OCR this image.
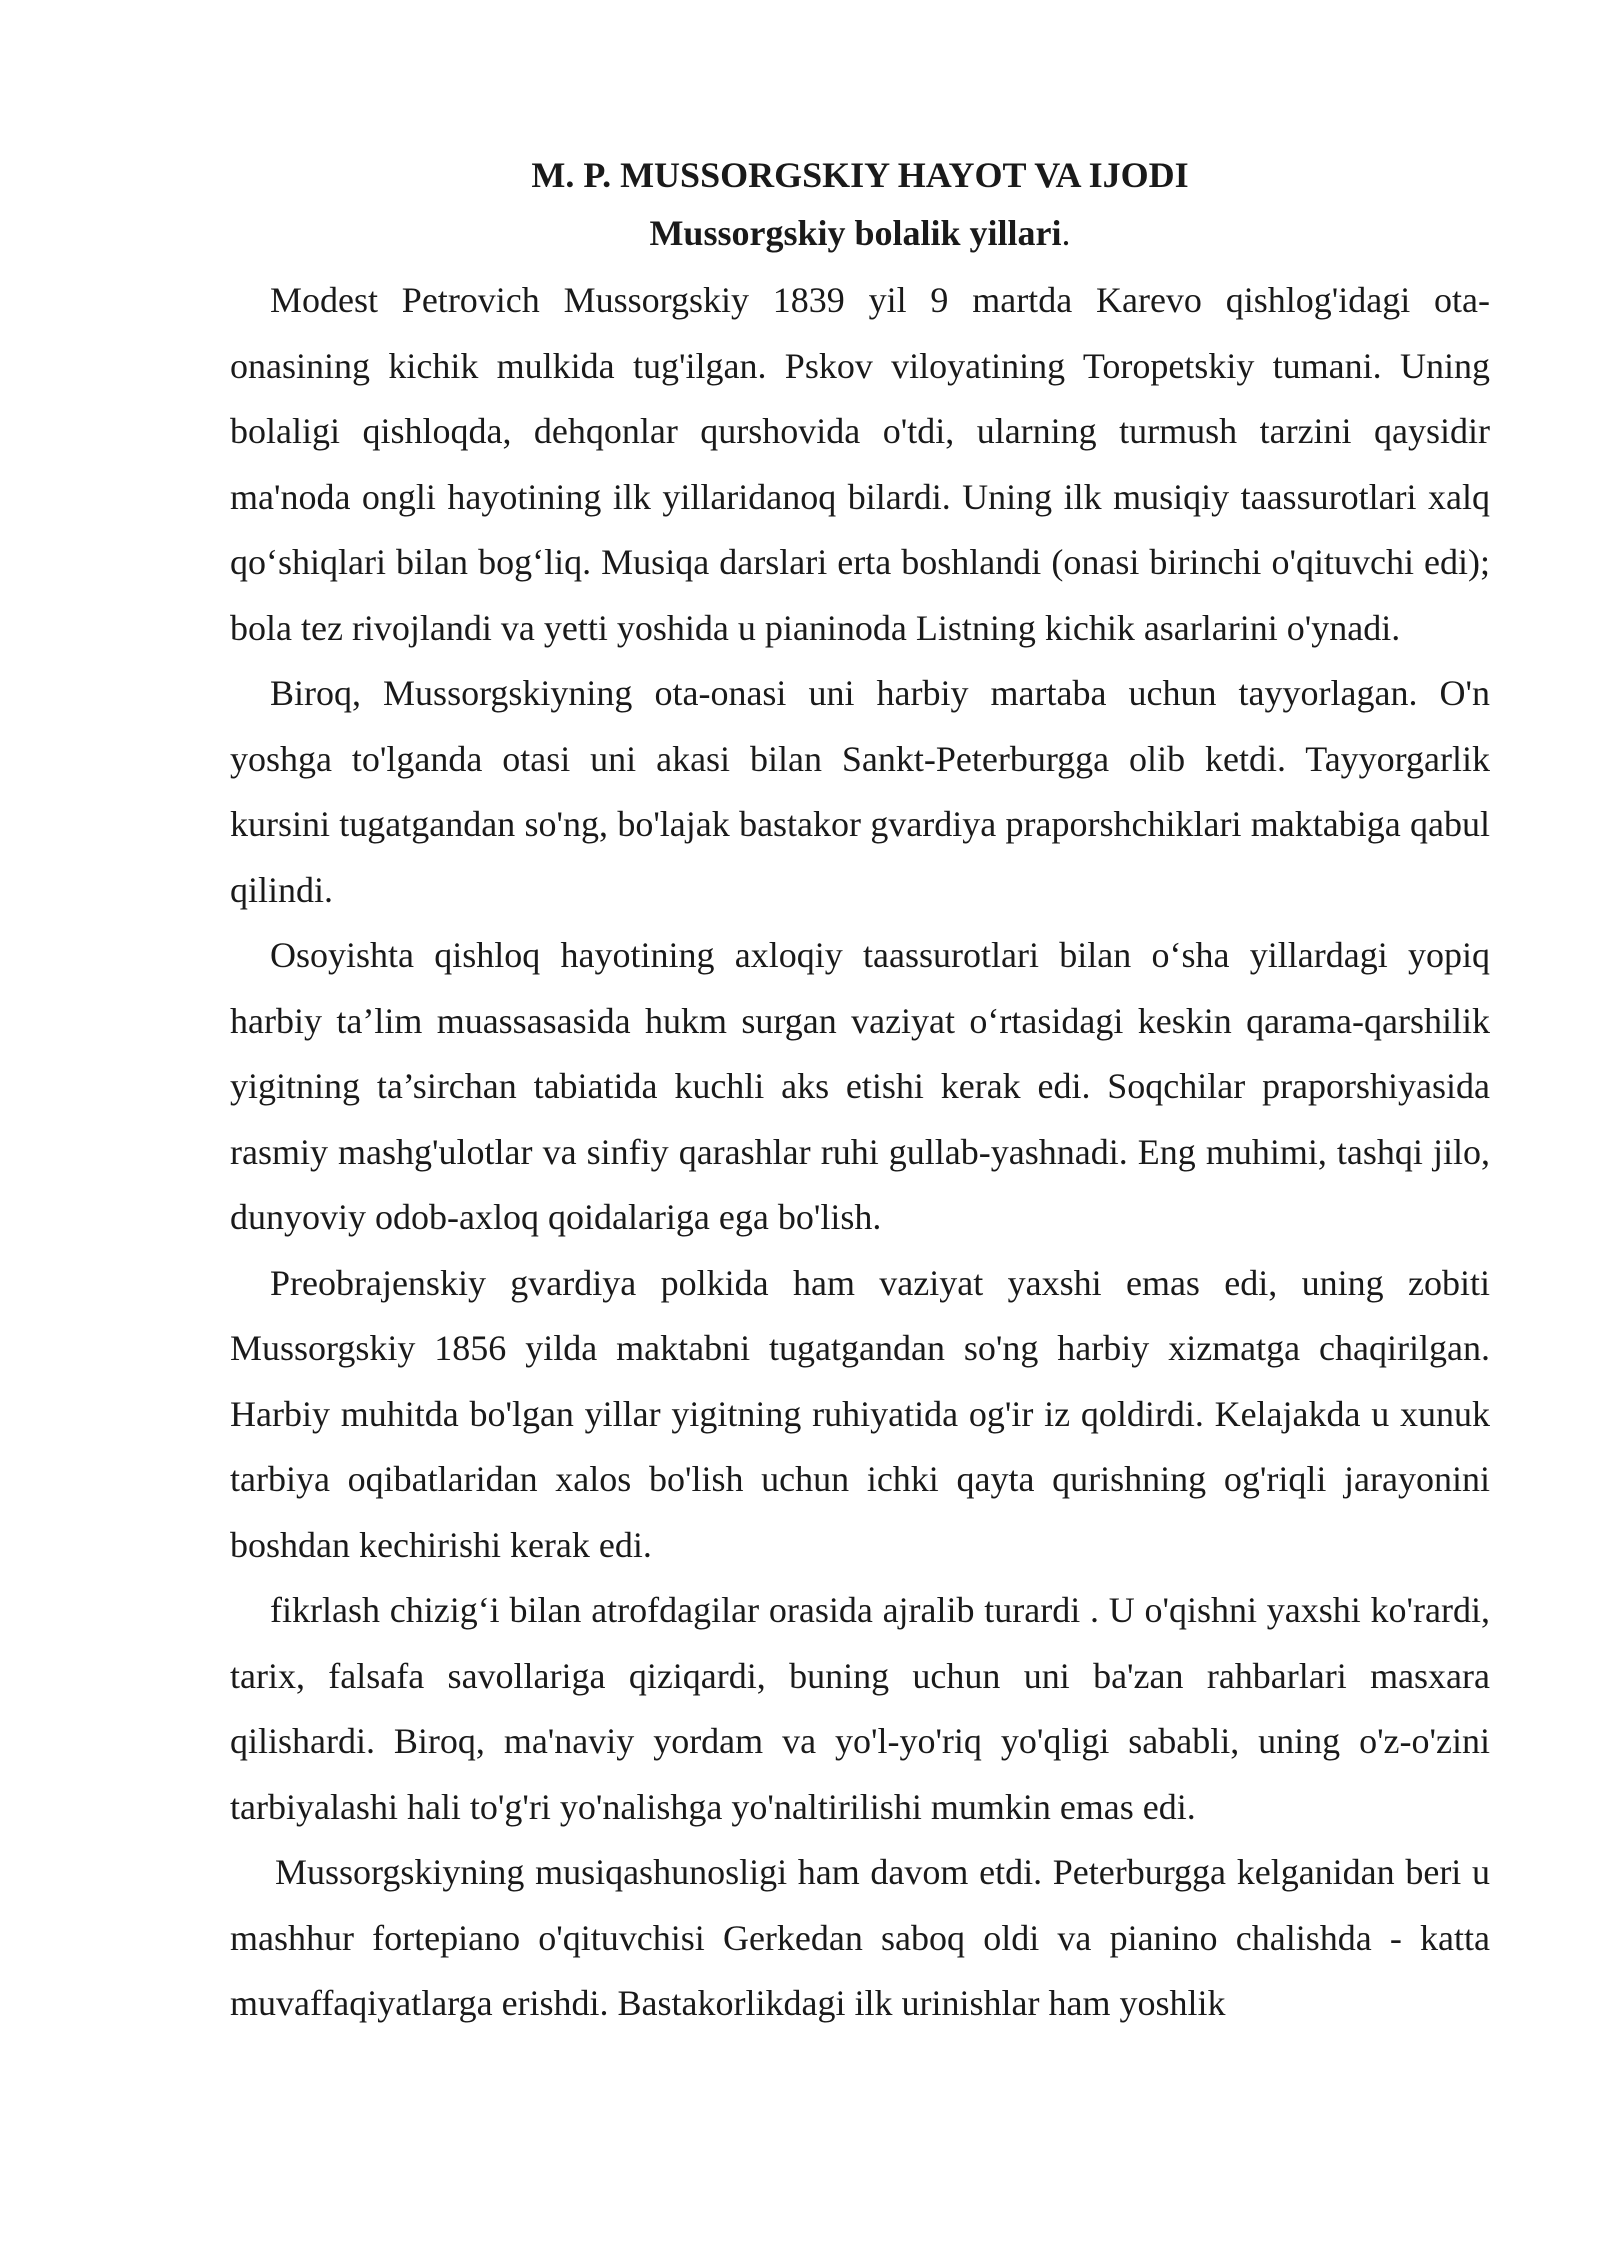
M. P. MUSSORGSKIY HAYOT VA IJODI
Mussorgskiy bolalik yillari.

Modest Petrovich Mussorgskiy 1839 yil 9 martda Karevo qishlog'idagi ota-onasining kichik mulkida tug'ilgan. Pskov viloyatining Toropetskiy tumani. Uning bolaligi qishloqda, dehqonlar qurshovida o'tdi, ularning turmush tarzini qaysidir ma'noda ongli hayotining ilk yillaridanoq bilardi. Uning ilk musiqiy taassurotlari xalq qo‘shiqlari bilan bog‘liq. Musiqa darslari erta boshlandi (onasi birinchi o'qituvchi edi); bola tez rivojlandi va yetti yoshida u pianinoda Listning kichik asarlarini o'ynadi.

Biroq, Mussorgskiyning ota-onasi uni harbiy martaba uchun tayyorlagan. O'n yoshga to'lganda otasi uni akasi bilan Sankt-Peterburgga olib ketdi. Tayyorgarlik kursini tugatgandan so'ng, bo'lajak bastakor gvardiya praporshchiklari maktabiga qabul qilindi.

Osoyishta qishloq hayotining axloqiy taassurotlari bilan o‘sha yillardagi yopiq harbiy ta’lim muassasasida hukm surgan vaziyat o‘rtasidagi keskin qarama-qarshilik yigitning ta’sirchan tabiatida kuchli aks etishi kerak edi. Soqchilar praporshiyasida rasmiy mashg'ulotlar va sinfiy qarashlar ruhi gullab-yashnadi. Eng muhimi, tashqi jilo, dunyoviy odob-axloq qoidalariga ega bo'lish.

Preobrajenskiy gvardiya polkida ham vaziyat yaxshi emas edi, uning zobiti Mussorgskiy 1856 yilda maktabni tugatgandan so'ng harbiy xizmatga chaqirilgan. Harbiy muhitda bo'lgan yillar yigitning ruhiyatida og'ir iz qoldirdi. Kelajakda u xunuk tarbiya oqibatlaridan xalos bo'lish uchun ichki qayta qurishning og'riqli jarayonini boshdan kechirishi kerak edi.

fikrlash chizig‘i bilan atrofdagilar orasida ajralib turardi . U o'qishni yaxshi ko'rardi, tarix, falsafa savollariga qiziqardi, buning uchun uni ba'zan rahbarlari masxara qilishardi. Biroq, ma'naviy yordam va yo'l-yo'riq yo'qligi sababli, uning o'z-o'zini tarbiyalashi hali to'g'ri yo'nalishga yo'naltirilishi mumkin emas edi.

Mussorgskiyning musiqashunosligi ham davom etdi. Peterburgga kelganidan beri u mashhur fortepiano o'qituvchisi Gerkedan saboq oldi va pianino chalishda - katta muvaffaqiyatlarga erishdi. Bastakorlikdagi ilk urinishlar ham yoshlik
